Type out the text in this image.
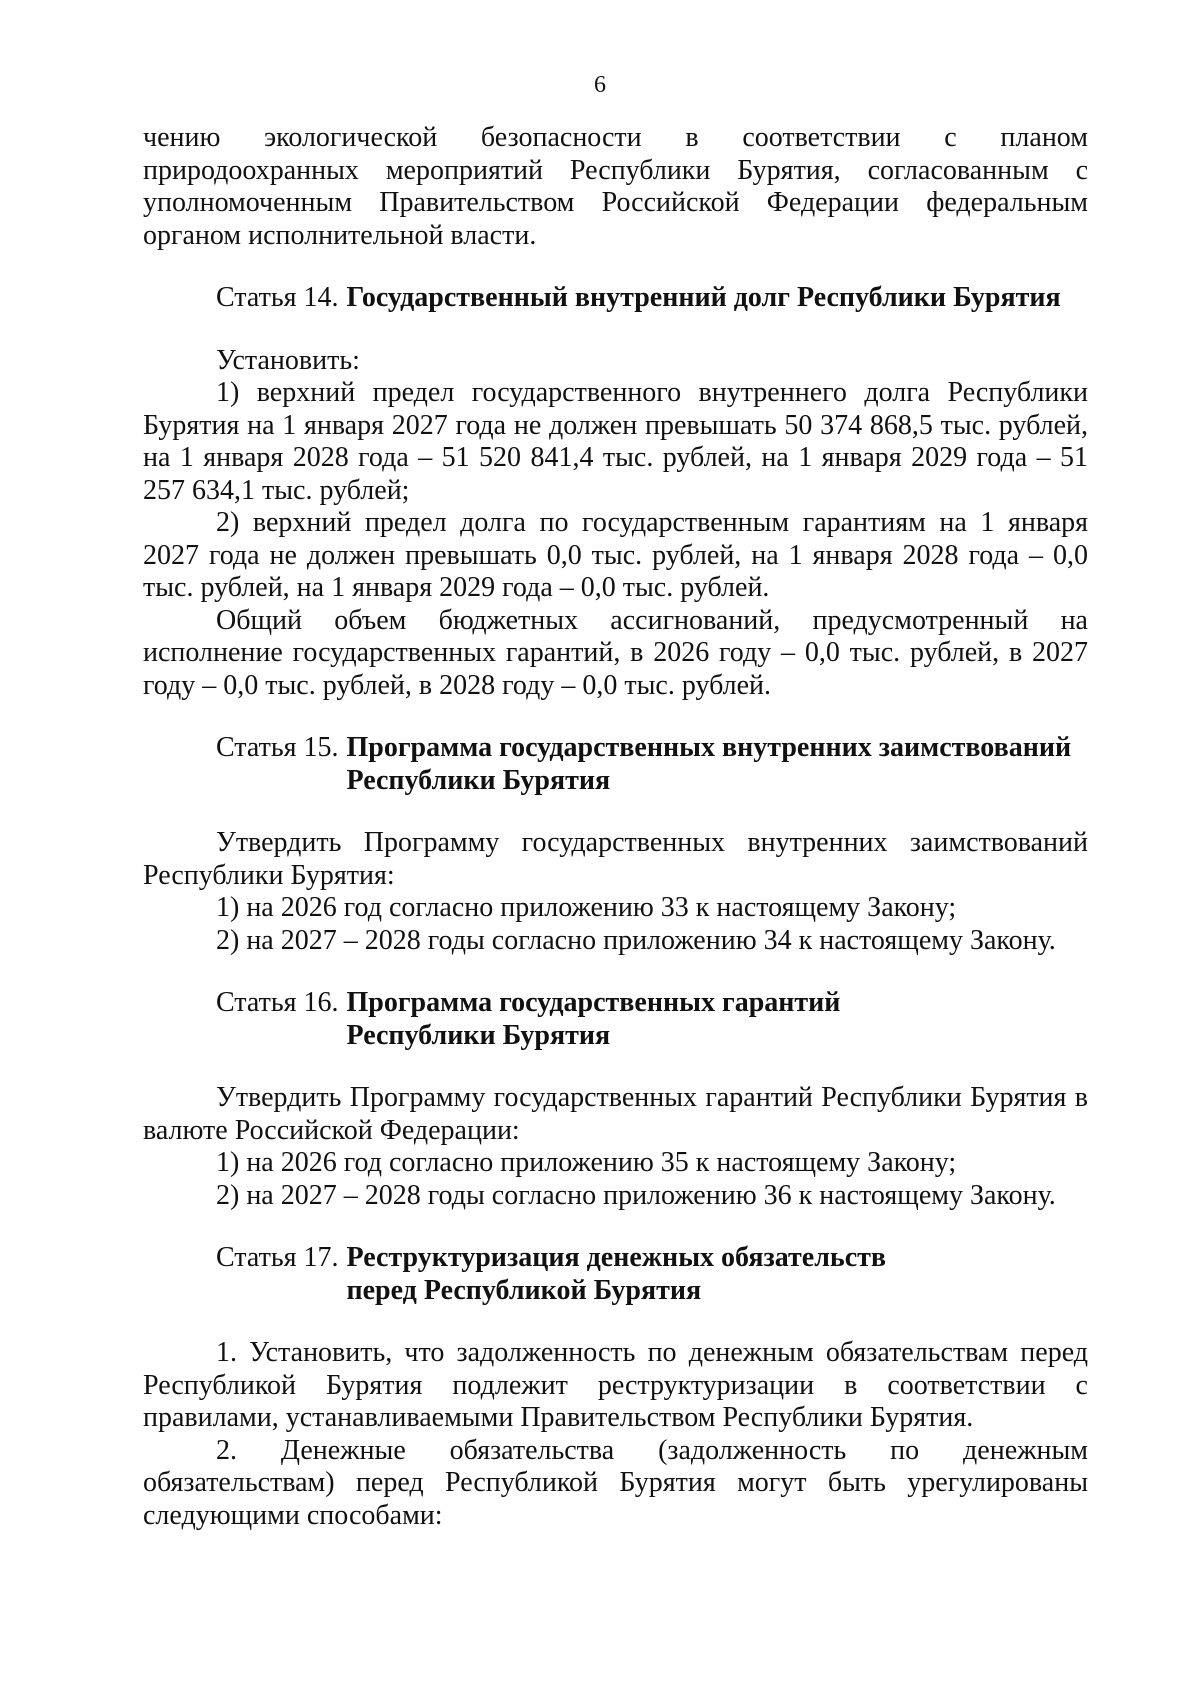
6

чению экологической безопасности в соответствии с планом природоохранных мероприятий Республики Бурятия, согласованным с уполномоченным Правительством Российской Федерации федеральным органом исполнительной власти.

Статья 14. Государственный внутренний долг Республики Бурятия

Установить:

1) верхний предел государственного внутреннего долга Республики Бурятия на 1 января 2027 года не должен превышать 50 374 868,5 тыс. рублей, на 1 января 2028 года – 51 520 841,4 тыс. рублей, на 1 января 2029 года – 51 257 634,1 тыс. рублей;

2) верхний предел долга по государственным гарантиям на 1 января 2027 года не должен превышать 0,0 тыс. рублей, на 1 января 2028 года – 0,0 тыс. рублей, на 1 января 2029 года – 0,0 тыс. рублей.

Общий объем бюджетных ассигнований, предусмотренный на исполнение государственных гарантий, в 2026 году – 0,0 тыс. рублей, в 2027 году – 0,0 тыс. рублей, в 2028 году – 0,0 тыс. рублей.

Статья 15. Программа государственных внутренних заимствований
Республики Бурятия

Утвердить Программу государственных внутренних заимствований Республики Бурятия:

1) на 2026 год согласно приложению 33 к настоящему Закону;

2) на 2027 – 2028 годы согласно приложению 34 к настоящему Закону.

Статья 16. Программа государственных гарантий
Республики Бурятия

Утвердить Программу государственных гарантий Республики Бурятия в валюте Российской Федерации:

1) на 2026 год согласно приложению 35 к настоящему Закону;

2) на 2027 – 2028 годы согласно приложению 36 к настоящему Закону.

Статья 17. Реструктуризация денежных обязательств
перед Республикой Бурятия

1. Установить, что задолженность по денежным обязательствам перед Республикой Бурятия подлежит реструктуризации в соответствии с правилами, устанавливаемыми Правительством Республики Бурятия.

2. Денежные обязательства (задолженность по денежным обязательствам) перед Республикой Бурятия могут быть урегулированы следующими способами:
